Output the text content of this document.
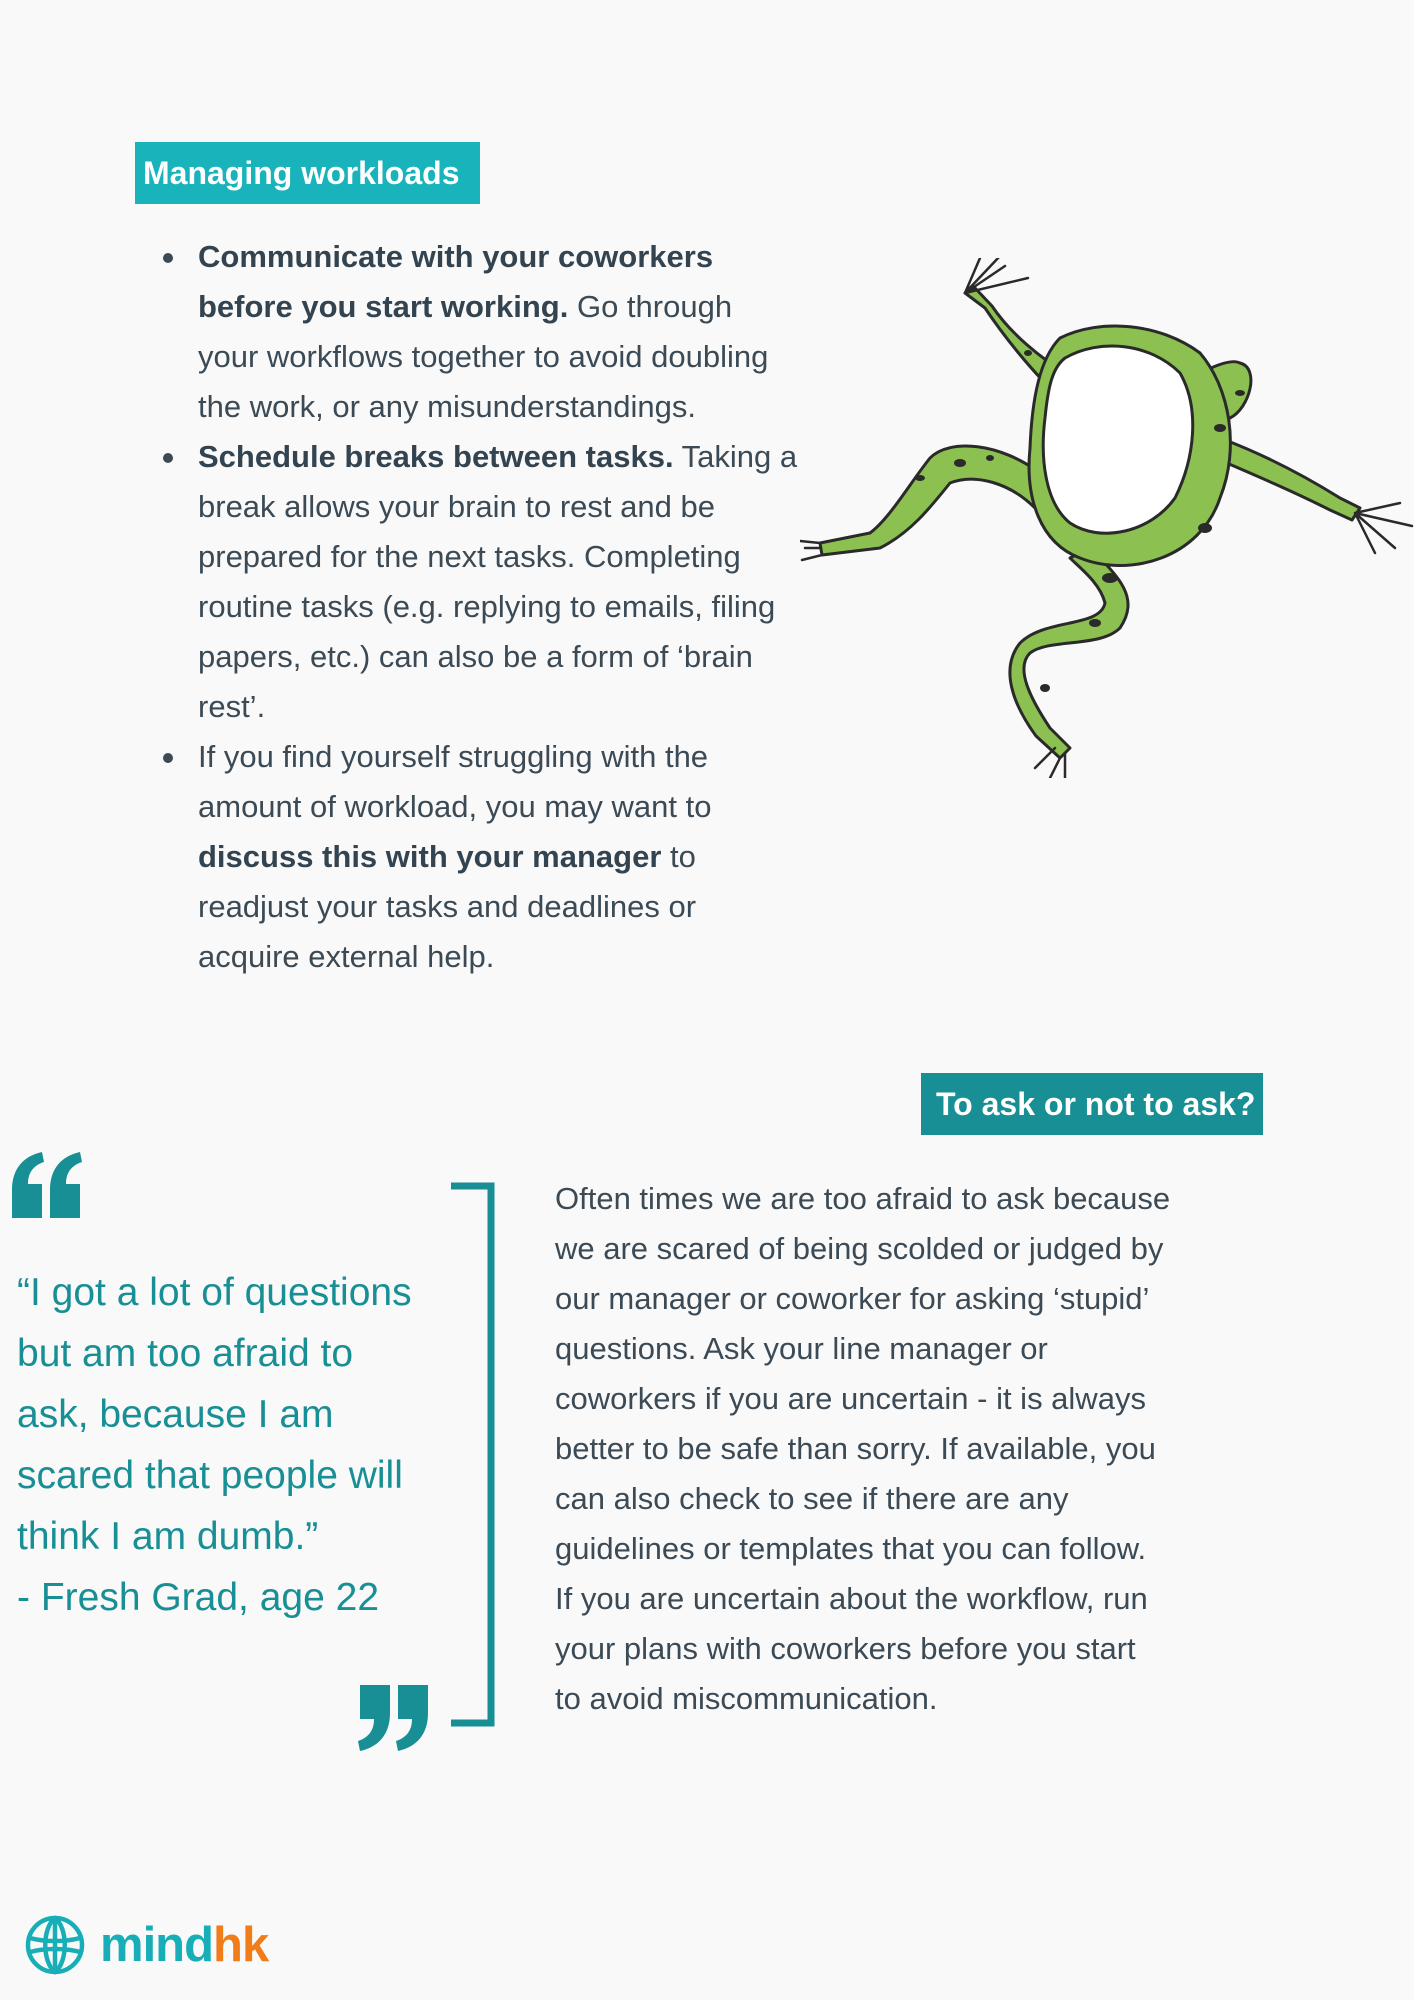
Managing workloads
Communicate with your coworkers before you start working. Go through your workflows together to avoid doubling the work, or any misunderstandings.
Schedule breaks between tasks. Taking a break allows your brain to rest and be prepared for the next tasks. Completing routine tasks (e.g. replying to emails, filing papers, etc.) can also be a form of ‘brain rest’.
If you find yourself struggling with the amount of workload, you may want to discuss this with your manager to readjust your tasks and deadlines or acquire external help.
To ask or not to ask?
“I got a lot of questions
but am too afraid to
ask, because I am
scared that people will
think I am dumb.”
- Fresh Grad, age 22
Often times we are too afraid to ask because
we are scared of being scolded or judged by
our manager or coworker for asking ‘stupid’
questions. Ask your line manager or
coworkers if you are uncertain - it is always
better to be safe than sorry. If available, you
can also check to see if there are any
guidelines or templates that you can follow.
If you are uncertain about the workflow, run
your plans with coworkers before you start
to avoid miscommunication.
mindhk
